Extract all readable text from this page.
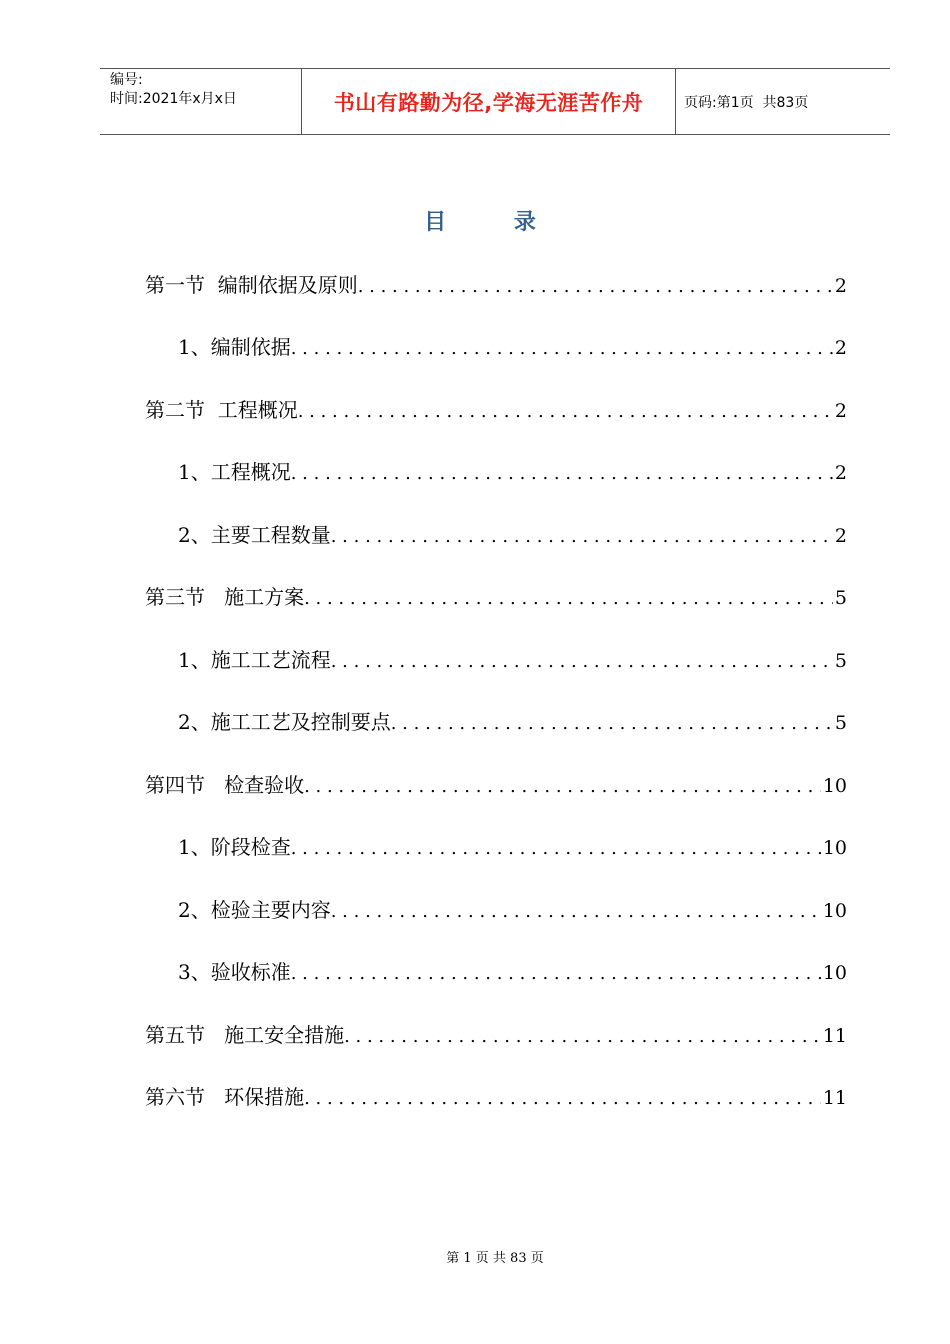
编号:
时间:2021年x月x日	书山有路勤为径,学海无涯苦作舟	页码:第1页  共83页
目 录
第一节  编制依据及原则 . . .	2
1、编制依据 . . .	2
第二节  工程概况 . . .	2
1、工程概况 . . .	2
2、主要工程数量 . . .	2
第三节   施工方案 . . .	5
1、施工工艺流程 . . .	5
2、施工工艺及控制要点 . . .	5
第四节   检查验收 . . .	10
1、阶段检查 . . .	10
2、检验主要内容 . . .	10
3、验收标准 . . .	10
第五节   施工安全措施 . . .	11
第六节   环保措施 . . .	11
第 1 页 共 83 页
